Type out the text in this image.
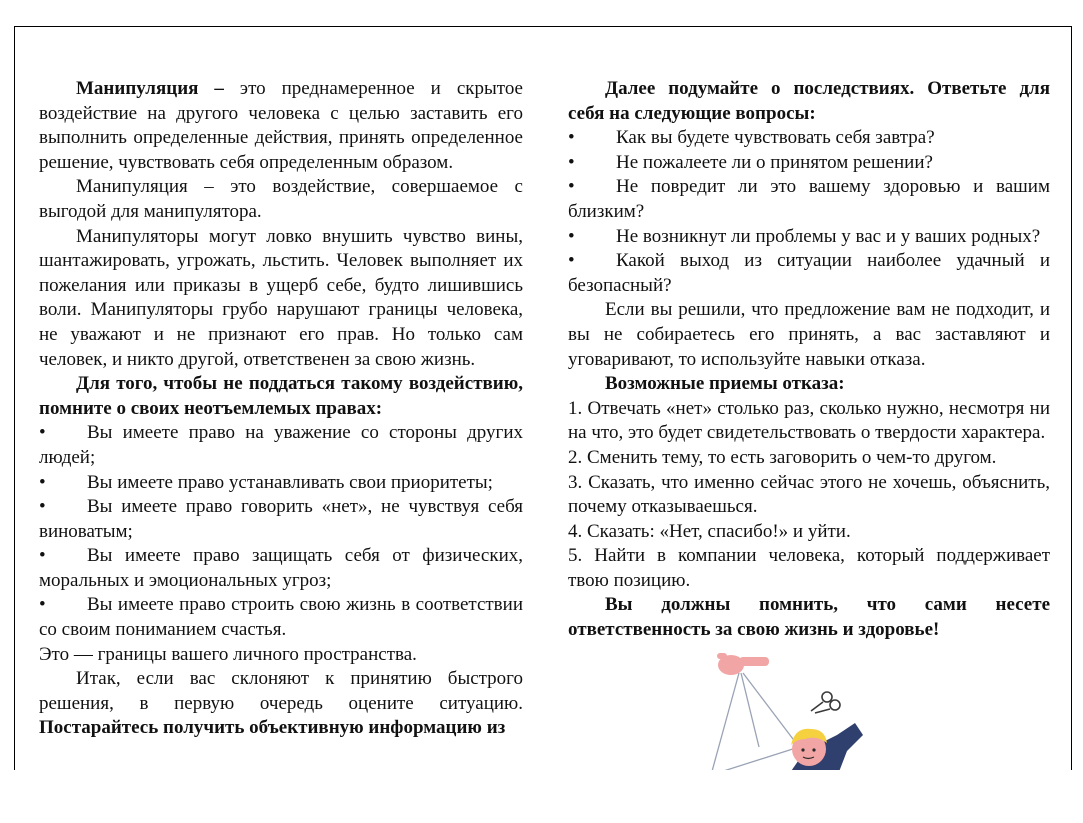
Манипуляция – это преднамеренное и скрытое воздействие на другого человека с целью заставить его выполнить определенные действия, принять определенное решение, чувствовать себя определенным образом.

Манипуляция – это воздействие, совершаемое с выгодой для манипулятора.

Манипуляторы могут ловко внушить чувство вины, шантажировать, угрожать, льстить. Человек выполняет их пожелания или приказы в ущерб себе, будто лишившись воли. Манипуляторы грубо нарушают границы человека, не уважают и не признают его прав. Но только сам человек, и никто другой, ответственен за свою жизнь.

Для того, чтобы не поддаться такому воздействию, помните о своих неотъемлемых правах:

• Вы имеете право на уважение со стороны других людей;

• Вы имеете право устанавливать свои приоритеты;

• Вы имеете право говорить «нет», не чувствуя себя виноватым;

• Вы имеете право защищать себя от физических, моральных и эмоциональных угроз;

• Вы имеете право строить свою жизнь в соответствии со своим пониманием счастья.

Это — границы вашего личного пространства.

Итак, если вас склоняют к принятию быстрого решения, в первую очередь оцените ситуацию. Постарайтесь получить объективную информацию из

Далее подумайте о последствиях. Ответьте для себя на следующие вопросы:

• Как вы будете чувствовать себя завтра?

• Не пожалеете ли о принятом решении?

• Не повредит ли это вашему здоровью и вашим близким?

• Не возникнут ли проблемы у вас и у ваших родных?

• Какой выход из ситуации наиболее удачный и безопасный?

Если вы решили, что предложение вам не подходит, и вы не собираетесь его принять, а вас заставляют и уговаривают, то используйте навыки отказа.

Возможные приемы отказа:

1. Отвечать «нет» столько раз, сколько нужно, несмотря ни на что, это будет свидетельствовать о твердости характера.

2. Сменить тему, то есть заговорить о чем-то другом.

3. Сказать, что именно сейчас этого не хочешь, объяснить, почему отказываешься.

4. Сказать: «Нет, спасибо!» и уйти.

5. Найти в компании человека, который поддерживает твою позицию.

Вы должны помнить, что сами несете ответственность за свою жизнь и здоровье!
